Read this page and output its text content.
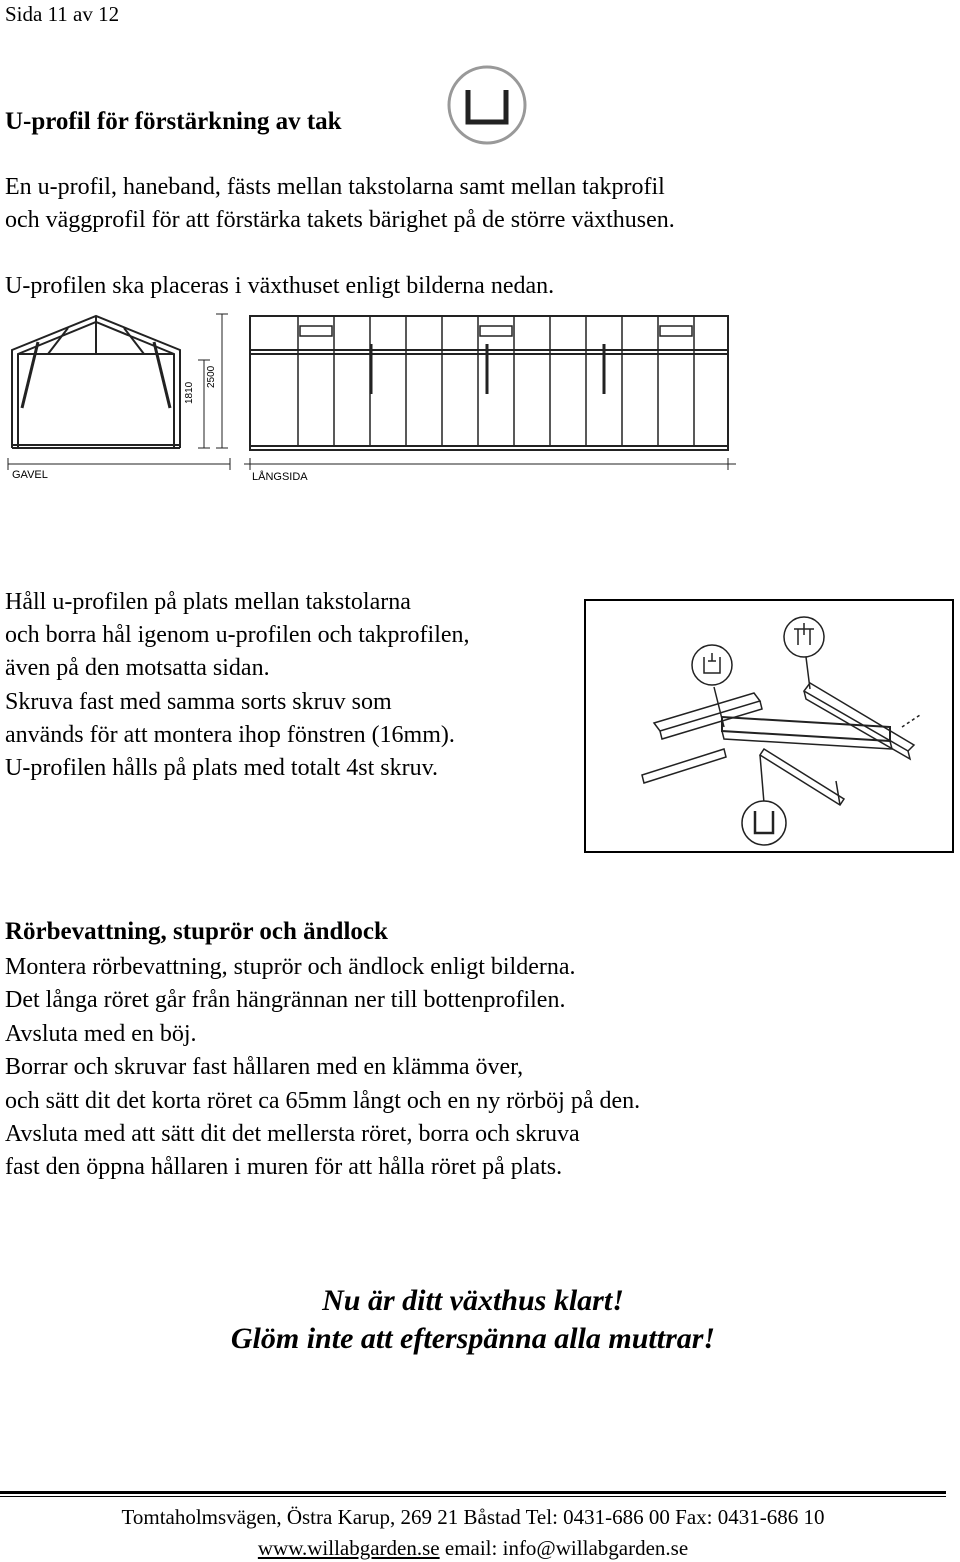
Sida 11 av 12
U-profil för förstärkning av tak
En u-profil, haneband, fästs mellan takstolarna samt mellan takprofil
och väggprofil för att förstärka takets bärighet på de större växthusen.
U-profilen ska placeras i växthuset enligt bilderna nedan.
1810
2500
GAVEL	LÅNGSIDA
Håll u-profilen på plats mellan takstolarna
och borra hål igenom u-profilen och takprofilen,
även på den motsatta sidan.
Skruva fast med samma sorts skruv som
används för att montera ihop fönstren (16mm).
U-profilen hålls på plats med totalt 4st skruv.
Rörbevattning, stuprör och ändlock
Montera rörbevattning, stuprör och ändlock enligt bilderna.
Det långa röret går från hängrännan ner till bottenprofilen.
Avsluta med en böj.
Borrar och skruvar fast hållaren med en klämma över,
och sätt dit det korta röret ca 65mm långt och en ny rörböj på den.
Avsluta med att sätt dit det mellersta röret, borra och skruva
fast den öppna hållaren i muren för att hålla röret på plats.
Nu är ditt växthus klart!
Glöm inte att efterspänna alla muttrar!
Tomtaholmsvägen, Östra Karup, 269 21 Båstad Tel: 0431-686 00 Fax: 0431-686 10
www.willabgarden.se email: info@willabgarden.se
